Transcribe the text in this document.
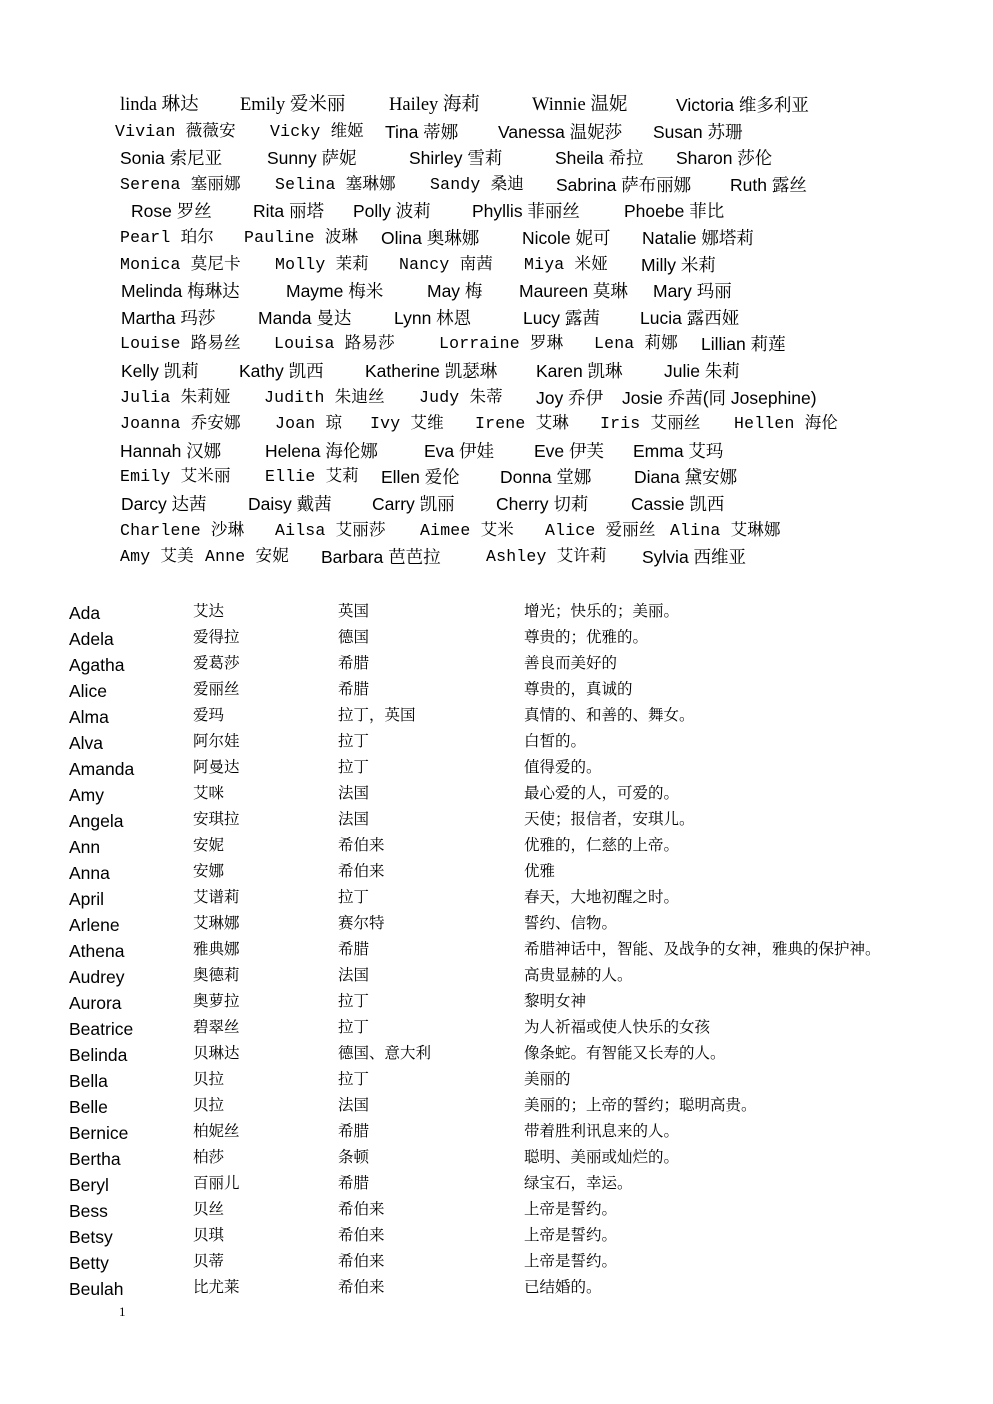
linda 琳达 Emily 爱米丽 Hailey 海莉	Winnie 温妮	Victoria 维多利亚
Vivian 薇薇安 Vicky 维姬 Tina 蒂娜 Vanessa 温妮莎 Susan 苏珊
Sonia 索尼亚	Sunny 萨妮	Shirley 雪莉	Sheila 希拉 Sharon 莎伦
Serena 塞丽娜 Selina 塞琳娜 Sandy 桑迪 Sabrina 萨布丽娜 Ruth 露丝
Rose 罗丝 Rita 丽塔 Polly 波莉 Phyllis 菲丽丝	Phoebe 菲比
Pearl 珀尔 Pauline 波琳 Olina 奥琳娜 Nicole 妮可 Natalie 娜塔莉
Monica 莫尼卡 Molly 茉莉 Nancy 南茜 Miya 米娅 Milly 米莉
Melinda 梅琳达	Mayme 梅米	May 梅 Maureen 莫琳 Mary 玛丽
Martha 玛莎 Manda 曼达 Lynn 林恩	Lucy 露茜 Lucia 露西娅
Louise 路易丝 Louisa 路易莎	Lorraine 罗琳 Lena 莉娜 Lillian 莉莲
Kelly 凯莉 Kathy 凯西 Katherine 凯瑟琳 Karen 凯琳 Julie 朱莉
Julia 朱莉娅 Judith 朱迪丝 Judy 朱蒂 Joy 乔伊 Josie 乔茜(同 Josephine)
Joanna 乔安娜 Joan 琼 Ivy 艾维 Irene 艾琳 Iris 艾丽丝 Hellen 海伦
Hannah 汉娜	Helena 海伦娜	Eva 伊娃 Eve 伊芙 Emma 艾玛
Emily 艾米丽 Ellie 艾莉 Ellen 爱伦 Donna 堂娜 Diana 黛安娜
Darcy 达茜 Daisy 戴茜 Carry 凯丽 Cherry 切莉 Cassie 凯西
Charlene 沙琳 Ailsa 艾丽莎 Aimee 艾米 Alice 爱丽丝 Alina 艾琳娜
Amy 艾美 Anne 安妮 Barbara 芭芭拉	Ashley 艾许莉 Sylvia 西维亚
Ada	艾达	英国	增光；快乐的；美丽。
Adela	爱得拉	德国	尊贵的；优雅的。
Agatha	爱葛莎	希腊	善良而美好的
Alice	爱丽丝	希腊	尊贵的，真诚的
Alma	爱玛	拉丁，英国	真情的、和善的、舞女。
Alva	阿尔娃	拉丁	白皙的。
Amanda	阿曼达	拉丁	值得爱的。
Amy	艾咪	法国	最心爱的人，可爱的。
Angela	安琪拉	法国	天使；报信者，安琪儿。
Ann	安妮	希伯来	优雅的，仁慈的上帝。
Anna	安娜	希伯来	优雅
April	艾谱莉	拉丁	春天，大地初醒之时。
Arlene	艾琳娜	赛尔特	誓约、信物。
Athena	雅典娜	希腊	希腊神话中，智能、及战争的女神，雅典的保护神。
Audrey	奥德莉	法国	高贵显赫的人。
Aurora	奥萝拉	拉丁	黎明女神
Beatrice	碧翠丝	拉丁	为人祈福或使人快乐的女孩
Belinda	贝琳达	德国、意大利	像条蛇。有智能又长寿的人。
Bella	贝拉	拉丁	美丽的
Belle	贝拉	法国	美丽的；上帝的誓约；聪明高贵。
Bernice	柏妮丝	希腊	带着胜利讯息来的人。
Bertha	柏莎	条顿	聪明、美丽或灿烂的。
Beryl	百丽儿	希腊	绿宝石，幸运。
Bess	贝丝	希伯来	上帝是誓约。
Betsy	贝琪	希伯来	上帝是誓约。
Betty	贝蒂	希伯来	上帝是誓约。
Beulah	比尤莱	希伯来	已结婚的。
1
